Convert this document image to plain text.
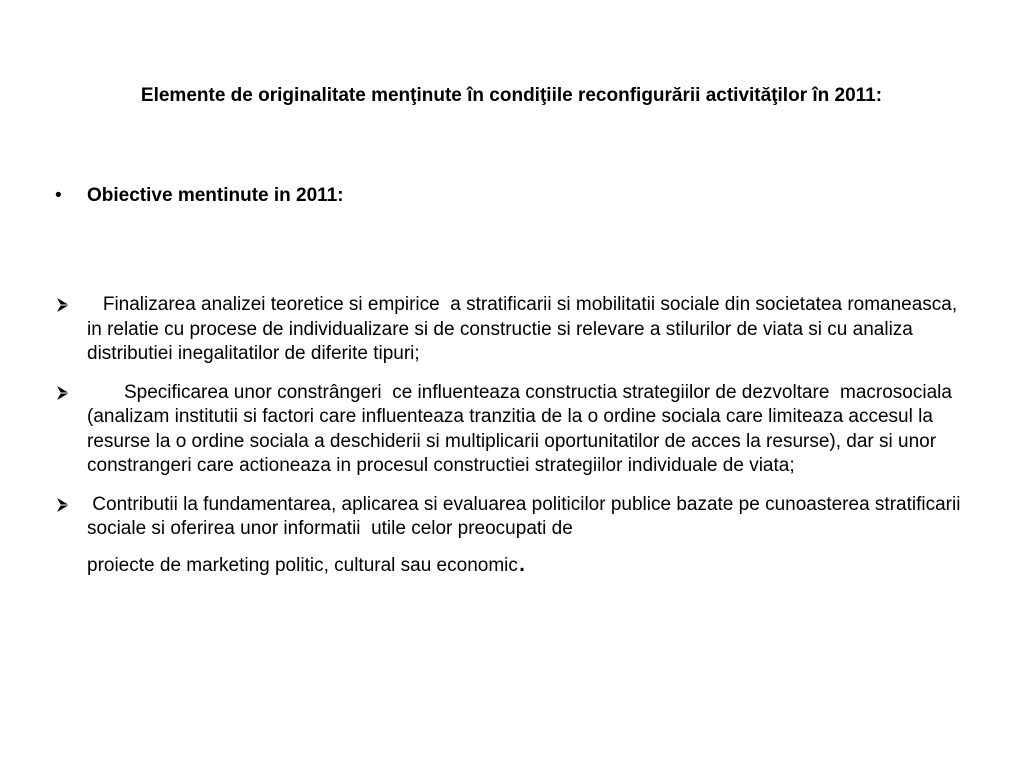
Elemente de originalitate menţinute în condiţiile reconfigurării activităţilor în 2011:
• Obiective mentinute in 2011:
Finalizarea analizei teoretice si empirice  a stratificarii si mobilitatii sociale din societatea romaneasca, in relatie cu procese de individualizare si de constructie si relevare a stilurilor de viata si cu analiza distributiei inegalitatilor de diferite tipuri;
Specificarea unor constrângeri  ce influenteaza constructia strategiilor de dezvoltare  macrosociala  (analizam institutii si factori care influenteaza tranzitia de la o ordine sociala care limiteaza accesul la resurse la o ordine sociala a deschiderii si multiplicarii oportunitatilor de acces la resurse), dar si unor constrangeri care actioneaza in procesul constructiei strategiilor individuale de viata;
Contributii la fundamentarea, aplicarea si evaluarea politicilor publice bazate pe cunoasterea stratificarii sociale si oferirea unor informatii  utile celor preocupati de
proiecte de marketing politic, cultural sau economic.
